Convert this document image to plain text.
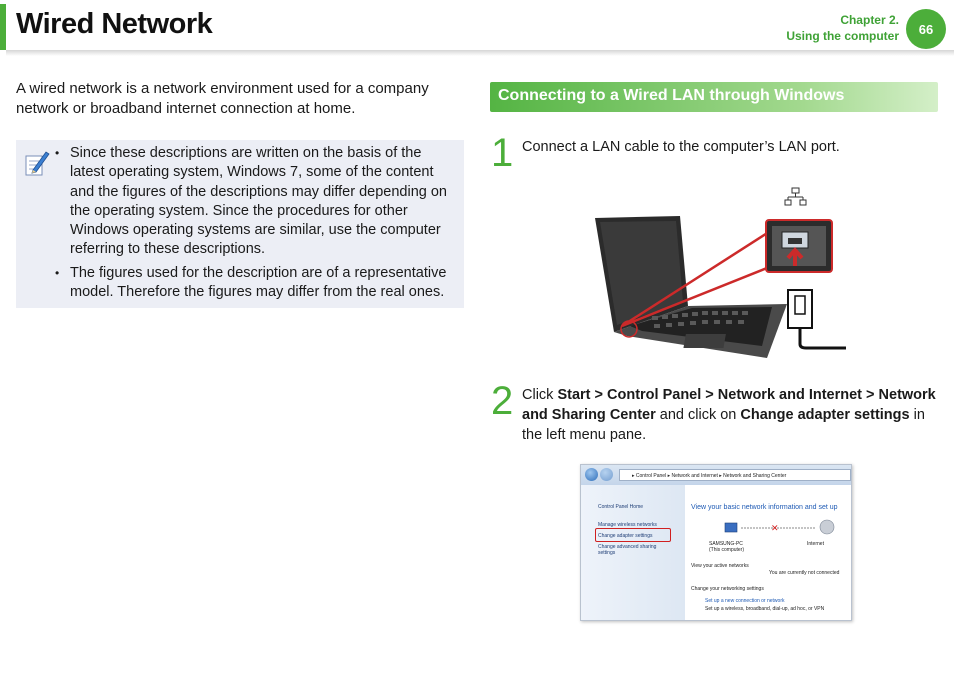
Wired Network	Chapter 2.
Using the computer	66
A wired network is a network environment used for a company network or broadband internet connection at home.
• Since these descriptions are written on the basis of the latest operating system, Windows 7, some of the content and the figures of the descriptions may differ depending on the operating system. Since the procedures for other Windows operating systems are similar, use the computer referring to these descriptions.
• The figures used for the description are of a representative model. Therefore the figures may differ from the real ones.
Connecting to a Wired LAN through Windows
1 Connect a LAN cable to the computer’s LAN port.
2 Click Start > Control Panel > Network and Internet > Network and Sharing Center and click on Change adapter settings in the left menu pane.
▸ Control Panel ▸ Network and Internet ▸ Network and Sharing Center
Control Panel Home
Manage wireless networks
Change adapter settings
Change advanced sharing
settings
View your basic network information and set up
✕
SAMSUNG-PC
(This computer)
Internet
View your active networks
You are currently not connected
Change your networking settings
Set up a new connection or network
Set up a wireless, broadband, dial-up, ad hoc, or VPN
